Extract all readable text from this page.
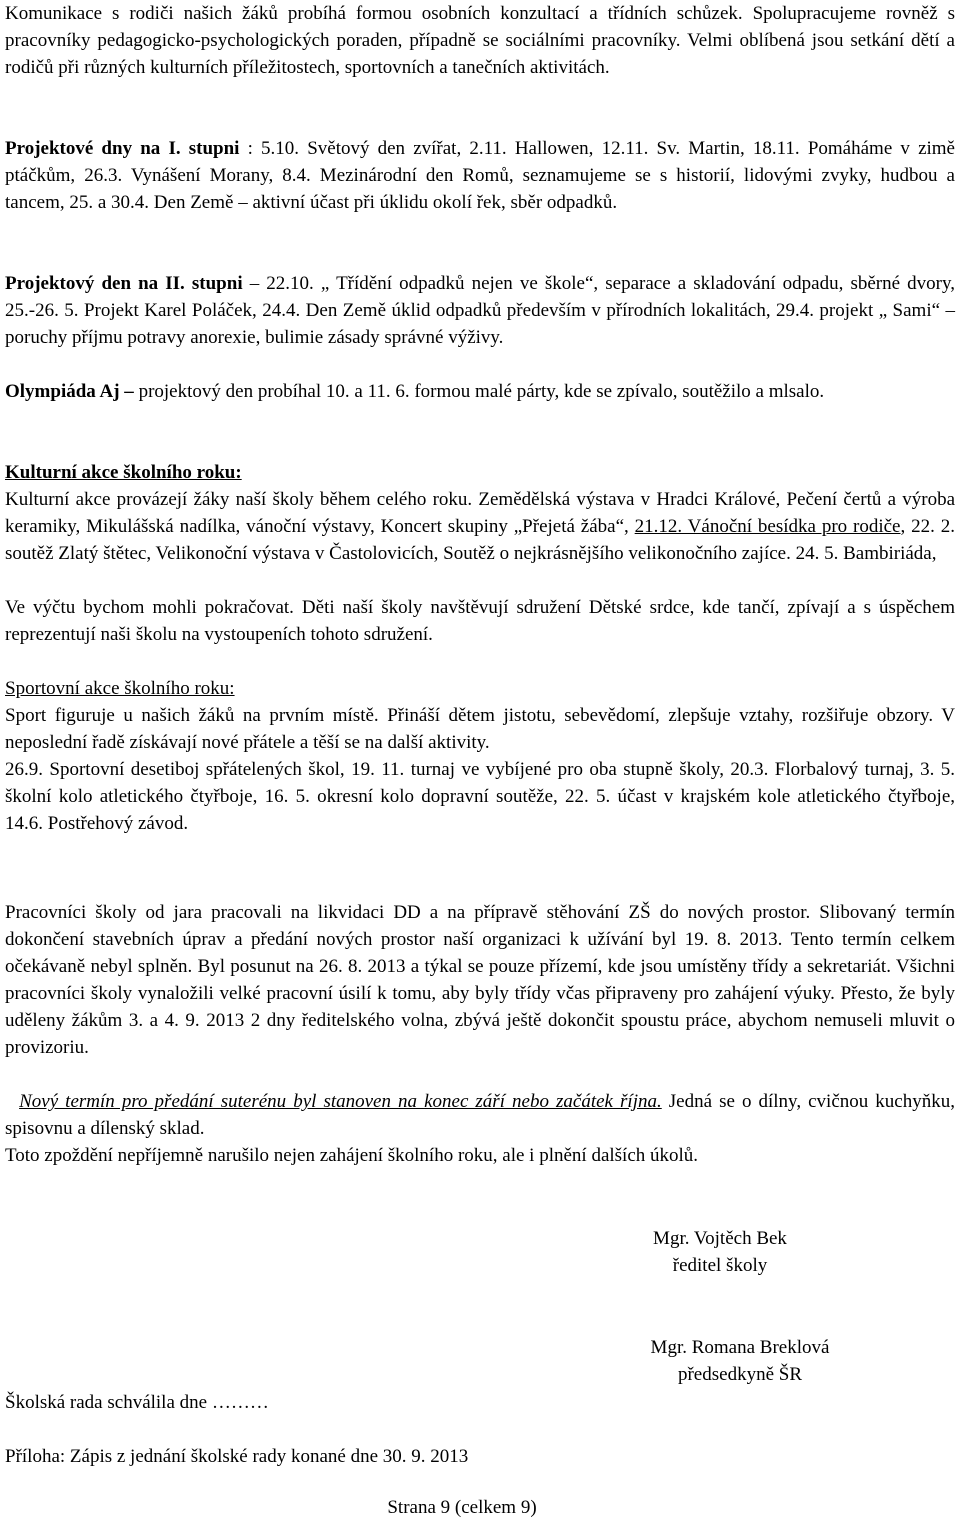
Komunikace s rodiči našich žáků probíhá formou osobních konzultací a třídních schůzek. Spolupracujeme rovněž s pracovníky pedagogicko-psychologických poraden, případně se sociálními pracovníky. Velmi oblíbená jsou setkání dětí a rodičů při různých kulturních příležitostech, sportovních a tanečních aktivitách.

Projektové dny na I. stupni : 5.10. Světový den zvířat, 2.11. Hallowen, 12.11. Sv. Martin, 18.11. Pomáháme v zimě ptáčkům, 26.3. Vynášení Morany, 8.4. Mezinárodní den Romů, seznamujeme se s historií, lidovými zvyky, hudbou a tancem, 25. a 30.4. Den Země – aktivní účast při úklidu okolí řek, sběr odpadků.

Projektový den na II. stupni – 22.10. „ Třídění odpadků nejen ve škole“, separace a skladování odpadu, sběrné dvory, 25.-26. 5. Projekt Karel Poláček, 24.4. Den Země úklid odpadků především v přírodních lokalitách, 29.4. projekt „ Sami“ – poruchy příjmu potravy anorexie, bulimie zásady správné výživy.

Olympiáda Aj – projektový den probíhal 10. a 11. 6. formou malé párty, kde se zpívalo, soutěžilo a mlsalo.

Kulturní akce školního roku:

Kulturní akce provázejí žáky naší školy během celého roku. Zemědělská výstava v Hradci Králové, Pečení čertů a výroba keramiky, Mikulášská nadílka, vánoční výstavy, Koncert skupiny „Přejetá žába“, 21.12. Vánoční besídka pro rodiče, 22. 2. soutěž Zlatý štětec, Velikonoční výstava v Častolovicích, Soutěž o nejkrásnějšího velikonočního zajíce. 24. 5. Bambiriáda,

Ve výčtu bychom mohli pokračovat. Děti naší školy navštěvují sdružení Dětské srdce, kde tančí, zpívají a s úspěchem reprezentují naši školu na vystoupeních tohoto sdružení.

Sportovní akce školního roku:

Sport figuruje u našich žáků na prvním místě. Přináší dětem jistotu, sebevědomí, zlepšuje vztahy, rozšiřuje obzory. V neposlední řadě získávají nové přátele a těší se na další aktivity.

26.9. Sportovní desetiboj spřátelených škol, 19. 11. turnaj ve vybíjené pro oba stupně školy, 20.3. Florbalový turnaj, 3. 5. školní kolo atletického čtyřboje, 16. 5. okresní kolo dopravní soutěže, 22. 5. účast v krajském kole atletického čtyřboje, 14.6. Postřehový závod.

Pracovníci školy od jara pracovali na likvidaci DD a na přípravě stěhování ZŠ do nových prostor. Slibovaný termín dokončení stavebních úprav a předání nových prostor naší organizaci k užívání byl 19. 8. 2013. Tento termín celkem očekávaně nebyl splněn. Byl posunut na 26. 8. 2013 a týkal se pouze přízemí, kde jsou umístěny třídy a sekretariát. Všichni pracovníci školy vynaložili velké pracovní úsilí k tomu, aby byly třídy včas připraveny pro zahájení výuky. Přesto, že byly uděleny žákům 3. a 4. 9. 2013 2 dny ředitelského volna, zbývá ještě dokončit spoustu práce, abychom nemuseli mluvit o provizoriu.

Nový termín pro předání suterénu byl stanoven na konec září nebo začátek října. Jedná se o dílny, cvičnou kuchyňku, spisovnu a dílenský sklad.

Toto zpoždění nepříjemně narušilo nejen zahájení školního roku, ale i plnění dalších úkolů.

Mgr. Vojtěch Bek
ředitel školy
Mgr. Romana Breklová
předsedkyně ŠR
Školská rada schválila dne ………
Příloha: Zápis z jednání školské rady konané dne 30. 9. 2013
Strana 9 (celkem 9)
